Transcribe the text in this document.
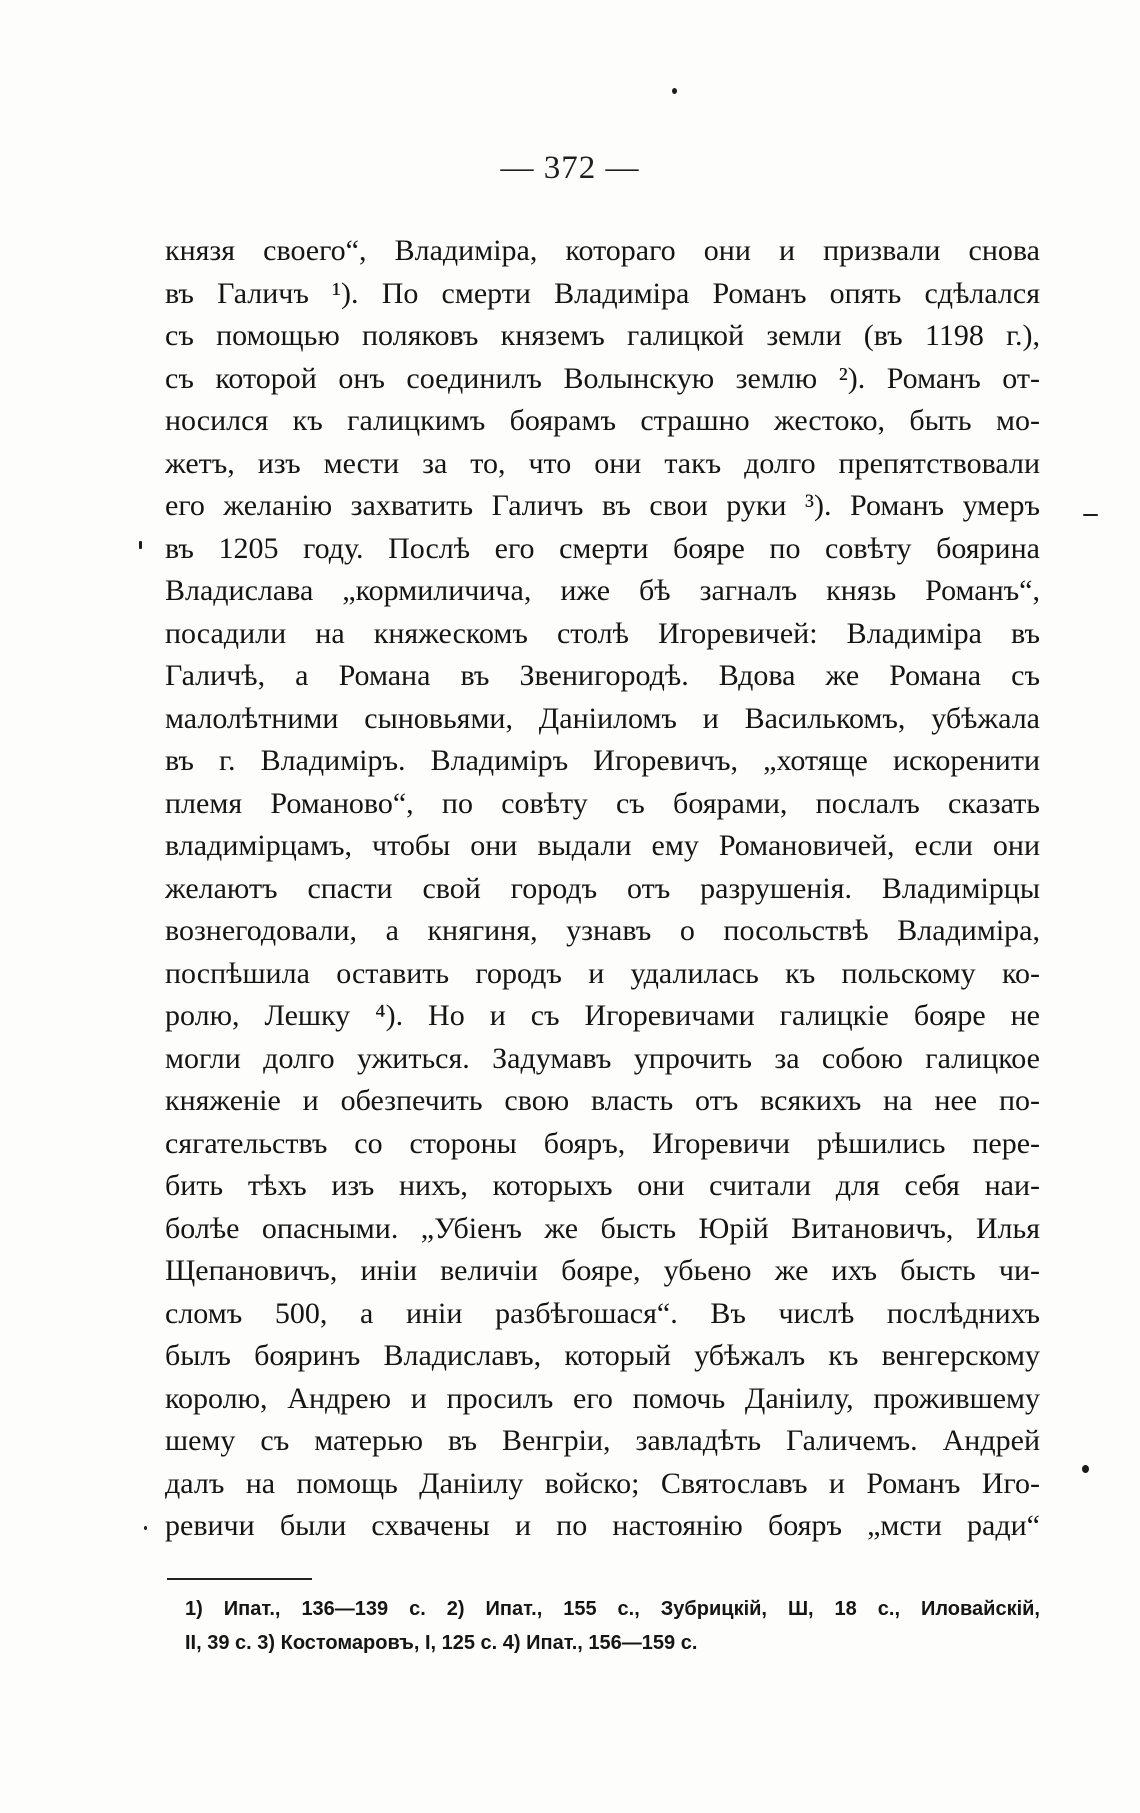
— 372 —
князя своего“, Владиміра, котораго они и призвали снова
въ Галичъ ¹). По смерти Владиміра Романъ опять сдѣлался
съ помощью поляковъ княземъ галицкой земли (въ 1198 г.),
съ которой онъ соединилъ Волынскую землю ²). Романъ от-
носился къ галицкимъ боярамъ страшно жестоко, быть мо-
жетъ, изъ мести за то, что они такъ долго препятствовали
его желанію захватить Галичъ въ свои руки ³). Романъ умеръ
въ 1205 году. Послѣ его смерти бояре по совѣту боярина
Владислава „кормиличича, иже бѣ загналъ князь Романъ“,
посадили на княжескомъ столѣ Игоревичей: Владиміра въ
Галичѣ, а Романа въ Звенигородѣ. Вдова же Романа съ
малолѣтними сыновьями, Даніиломъ и Василькомъ, убѣжала
въ г. Владиміръ. Владиміръ Игоревичъ, „хотяще искоренити
племя Романово“, по совѣту съ боярами, послалъ сказать
владимірцамъ, чтобы они выдали ему Романовичей, если они
желаютъ спасти свой городъ отъ разрушенія. Владимірцы
вознегодовали, а княгиня, узнавъ о посольствѣ Владиміра,
поспѣшила оставить городъ и удалилась къ польскому ко-
ролю, Лешку ⁴). Но и съ Игоревичами галицкіе бояре не
могли долго ужиться. Задумавъ упрочить за собою галицкое
княженіе и обезпечить свою власть отъ всякихъ на нее по-
сягательствъ со стороны бояръ, Игоревичи рѣшились пере-
бить тѣхъ изъ нихъ, которыхъ они считали для себя наи-
болѣе опасными. „Убіенъ же бысть Юрій Витановичъ, Илья
Щепановичъ, иніи величіи бояре, убьено же ихъ бысть чи-
сломъ 500, а иніи разбѣгошася“. Въ числѣ послѣднихъ
былъ бояринъ Владиславъ, который убѣжалъ къ венгерскому
королю, Андрею и просилъ его помочь Даніилу, прожившему
шему съ матерью въ Венгріи, завладѣть Галичемъ. Андрей
далъ на помощь Даніилу войско; Святославъ и Романъ Иго-
ревичи были схвачены и по настоянію бояръ „мсти ради“
1) Ипат., 136—139 с. 2) Ипат., 155 с., Зубрицкій, Ш, 18 с., Иловайскій,
II, 39 с. 3) Костомаровъ, I, 125 с. 4) Ипат., 156—159 с.
